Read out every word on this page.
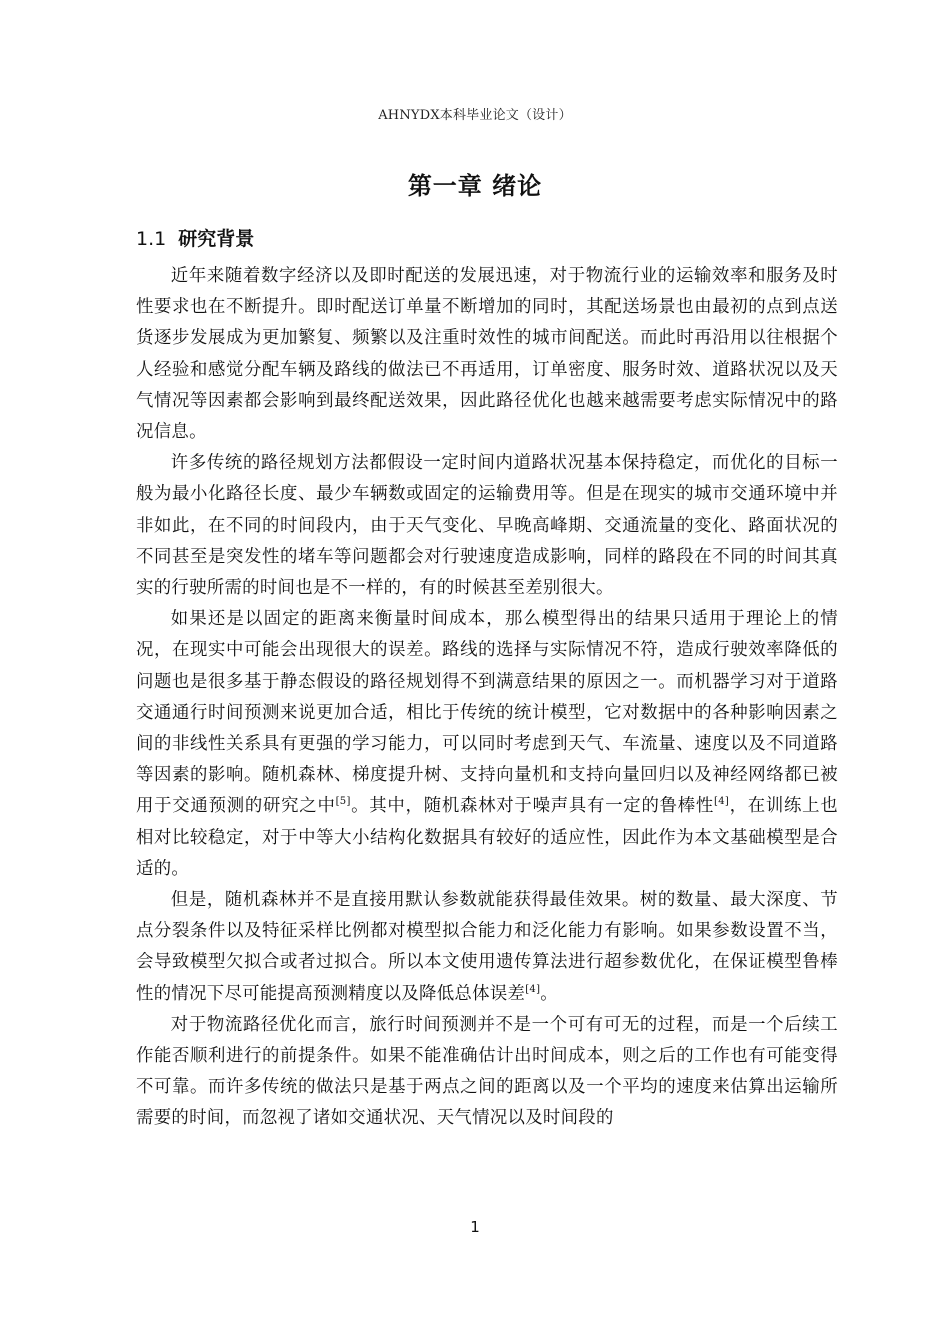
AHNYDX本科毕业论文（设计）
第一章 绪论
1.1 研究背景

近年来随着数字经济以及即时配送的发展迅速，对于物流行业的运输效率和服务及时性要求也在不断提升。即时配送订单量不断增加的同时，其配送场景也由最初的点到点送货逐步发展成为更加繁复、频繁以及注重时效性的城市间配送。而此时再沿用以往根据个人经验和感觉分配车辆及路线的做法已不再适用，订单密度、服务时效、道路状况以及天气情况等因素都会影响到最终配送效果，因此路径优化也越来越需要考虑实际情况中的路况信息。

许多传统的路径规划方法都假设一定时间内道路状况基本保持稳定，而优化的目标一般为最小化路径长度、最少车辆数或固定的运输费用等。但是在现实的城市交通环境中并非如此，在不同的时间段内，由于天气变化、早晚高峰期、交通流量的变化、路面状况的不同甚至是突发性的堵车等问题都会对行驶速度造成影响，同样的路段在不同的时间其真实的行驶所需的时间也是不一样的，有的时候甚至差别很大。

如果还是以固定的距离来衡量时间成本，那么模型得出的结果只适用于理论上的情况，在现实中可能会出现很大的误差。路线的选择与实际情况不符，造成行驶效率降低的问题也是很多基于静态假设的路径规划得不到满意结果的原因之一。而机器学习对于道路交通通行时间预测来说更加合适，相比于传统的统计模型，它对数据中的各种影响因素之间的非线性关系具有更强的学习能力，可以同时考虑到天气、车流量、速度以及不同道路等因素的影响。随机森林、梯度提升树、支持向量机和支持向量回归以及神经网络都已被用于交通预测的研究之中[5]。其中，随机森林对于噪声具有一定的鲁棒性[4]，在训练上也相对比较稳定，对于中等大小结构化数据具有较好的适应性，因此作为本文基础模型是合适的。

但是，随机森林并不是直接用默认参数就能获得最佳效果。树的数量、最大深度、节点分裂条件以及特征采样比例都对模型拟合能力和泛化能力有影响。如果参数设置不当，会导致模型欠拟合或者过拟合。所以本文使用遗传算法进行超参数优化，在保证模型鲁棒性的情况下尽可能提高预测精度以及降低总体误差[4]。

对于物流路径优化而言，旅行时间预测并不是一个可有可无的过程，而是一个后续工作能否顺利进行的前提条件。如果不能准确估计出时间成本，则之后的工作也有可能变得不可靠。而许多传统的做法只是基于两点之间的距离以及一个平均的速度来估算出运输所需要的时间，而忽视了诸如交通状况、天气情况以及时间段的

1
